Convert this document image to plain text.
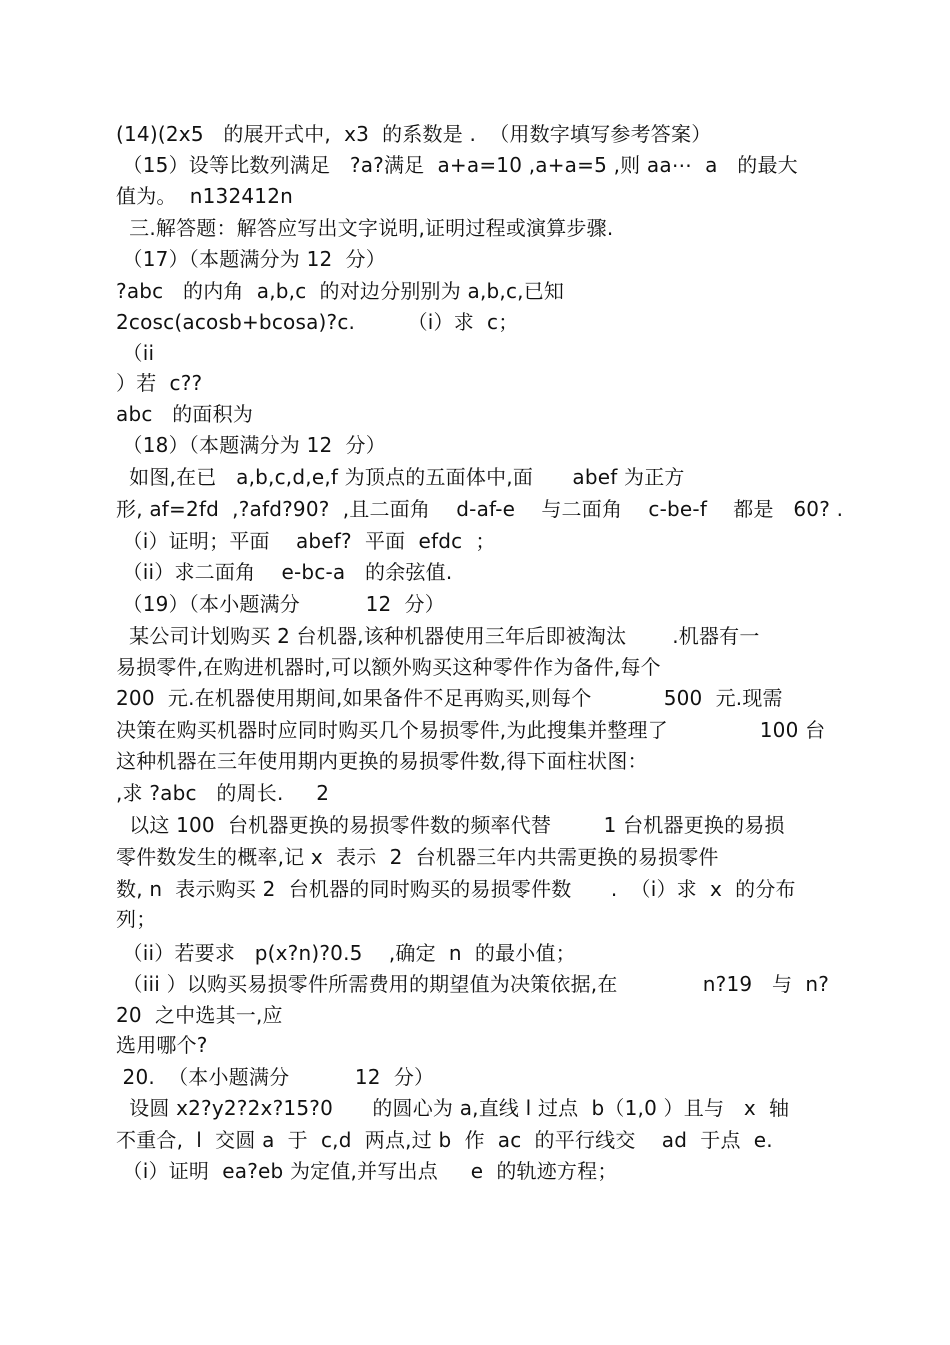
(14)(2x5   的展开式中,  x3  的系数是 .  （用数字填写参考答案）
（15）设等比数列满足   ?a?满足  a+a=10 ,a+a=5 ,则 aa⋯  a   的最大
值为。  n132412n
三.解答题：解答应写出文字说明,证明过程或演算步骤.
（17）（本题满分为 12  分）
?abc   的内角  a,b,c  的对边分别别为 a,b,c,已知
2cosc(acosb+bcosa)?c.        （i）求  c；
（ii
）若  c??
abc   的面积为
（18）（本题满分为 12  分）
如图,在已   a,b,c,d,e,f 为顶点的五面体中,面      abef 为正方
形, af=2fd  ,?afd?90?  ,且二面角    d-af-e    与二面角    c-be-f    都是   60? .
（i）证明；平面    abef?  平面  efdc  ；
（ii）求二面角    e-bc-a   的余弦值.
（19）（本小题满分          12  分）
某公司计划购买 2 台机器,该种机器使用三年后即被淘汰       .机器有一
易损零件,在购进机器时,可以额外购买这种零件作为备件,每个
200  元.在机器使用期间,如果备件不足再购买,则每个           500  元.现需
决策在购买机器时应同时购买几个易损零件,为此搜集并整理了              100 台
这种机器在三年使用期内更换的易损零件数,得下面柱状图：
,求 ?abc   的周长.     2
以这 100  台机器更换的易损零件数的频率代替        1 台机器更换的易损
零件数发生的概率,记 x  表示  2  台机器三年内共需更换的易损零件
数, n  表示购买 2  台机器的同时购买的易损零件数      .  （i）求  x  的分布
列；
（ii）若要求   p(x?n)?0.5    ,确定  n  的最小值；
（iii ）以购买易损零件所需费用的期望值为决策依据,在             n?19   与  n?
20  之中选其一,应
选用哪个?
20.  （本小题满分          12  分）
设圆 x2?y2?2x?15?0      的圆心为 a,直线 l 过点  b（1,0 ）且与   x  轴
不重合,  l  交圆 a  于  c,d  两点,过 b  作  ac  的平行线交    ad  于点  e.
（i）证明  ea?eb 为定值,并写出点     e  的轨迹方程；
